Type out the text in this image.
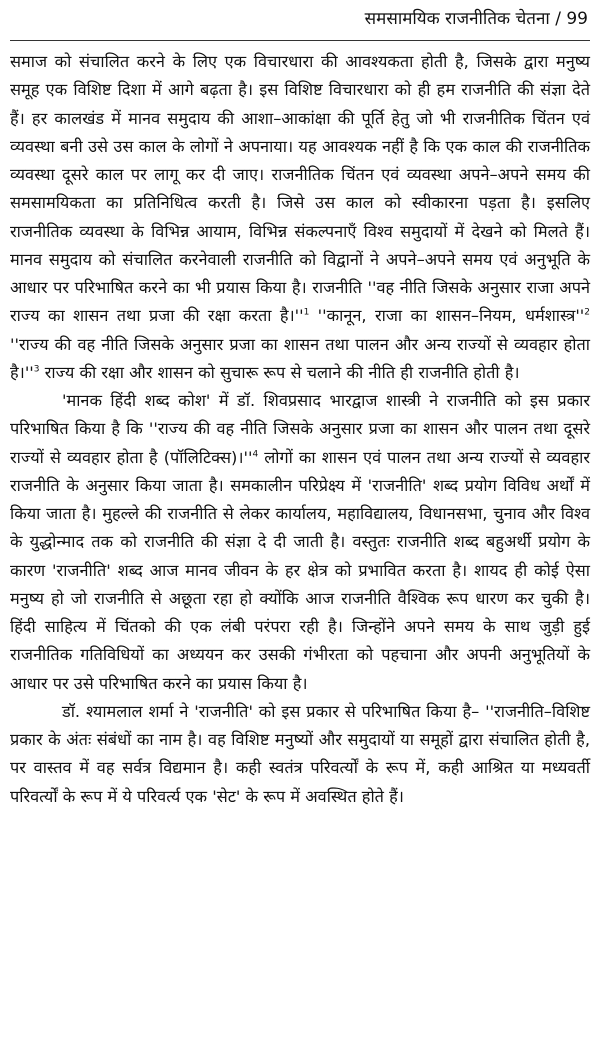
समसामयिक राजनीतिक चेतना / 99

समाज को संचालित करने के लिए एक विचारधारा की आवश्यकता होती है, जिसके द्वारा मनुष्य समूह एक विशिष्ट दिशा में आगे बढ़ता है। इस विशिष्ट विचारधारा को ही हम राजनीति की संज्ञा देते हैं। हर कालखंड में मानव समुदाय की आशा–आकांक्षा की पूर्ति हेतु जो भी राजनीतिक चिंतन एवं व्यवस्था बनी उसे उस काल के लोगों ने अपनाया। यह आवश्यक नहीं है कि एक काल की राजनीतिक व्यवस्था दूसरे काल पर लागू कर दी जाए। राजनीतिक चिंतन एवं व्यवस्था अपने–अपने समय की समसामयिकता का प्रतिनिधित्व करती है। जिसे उस काल को स्वीकारना पड़ता है। इसलिए राजनीतिक व्यवस्था के विभिन्न आयाम, विभिन्न संकल्पनाएँ विश्व समुदायों में देखने को मिलते हैं। मानव समुदाय को संचालित करनेवाली राजनीति को विद्वानों ने अपने–अपने समय एवं अनुभूति के आधार पर परिभाषित करने का भी प्रयास किया है। राजनीति ''वह नीति जिसके अनुसार राजा अपने राज्य का शासन तथा प्रजा की रक्षा करता है।''$^1$ ''कानून, राजा का शासन–नियम, धर्मशास्त्र''$^2$ ''राज्य की वह नीति जिसके अनुसार प्रजा का शासन तथा पालन और अन्य राज्यों से व्यवहार होता है।''$^3$ राज्य की रक्षा और शासन को सुचारू रूप से चलाने की नीति ही राजनीति होती है।

'मानक हिंदी शब्द कोश' में डॉ. शिवप्रसाद भारद्वाज शास्त्री ने राजनीति को इस प्रकार परिभाषित किया है कि ''राज्य की वह नीति जिसके अनुसार प्रजा का शासन और पालन तथा दूसरे राज्यों से व्यवहार होता है (पॉलिटिक्स)।''$^4$ लोगों का शासन एवं पालन तथा अन्य राज्यों से व्यवहार राजनीति के अनुसार किया जाता है। समकालीन परिप्रेक्ष्य में 'राजनीति' शब्द प्रयोग विविध अर्थों में किया जाता है। मुहल्ले की राजनीति से लेकर कार्यालय, महाविद्यालय, विधानसभा, चुनाव और विश्व के युद्धोन्माद तक को राजनीति की संज्ञा दे दी जाती है। वस्तुतः राजनीति शब्द बहुअर्थी प्रयोग के कारण 'राजनीति' शब्द आज मानव जीवन के हर क्षेत्र को प्रभावित करता है। शायद ही कोई ऐसा मनुष्य हो जो राजनीति से अछूता रहा हो क्योंकि आज राजनीति वैश्विक रूप धारण कर चुकी है। हिंदी साहित्य में चिंतको की एक लंबी परंपरा रही है। जिन्होंने अपने समय के साथ जुड़ी हुई राजनीतिक गतिविधियों का अध्ययन कर उसकी गंभीरता को पहचाना और अपनी अनुभूतियों के आधार पर उसे परिभाषित करने का प्रयास किया है।

डॉ. श्यामलाल शर्मा ने 'राजनीति' को इस प्रकार से परिभाषित किया है– ''राजनीति–विशिष्ट प्रकार के अंतः संबंधों का नाम है। वह विशिष्ट मनुष्यों और समुदायों या समूहों द्वारा संचालित होती है, पर वास्तव में वह सर्वत्र विद्यमान है। कही स्वतंत्र परिवर्त्यों के रूप में, कही आश्रित या मध्यवर्ती परिवर्त्यों के रूप में ये परिवर्त्य एक 'सेट' के रूप में अवस्थित होते हैं।
